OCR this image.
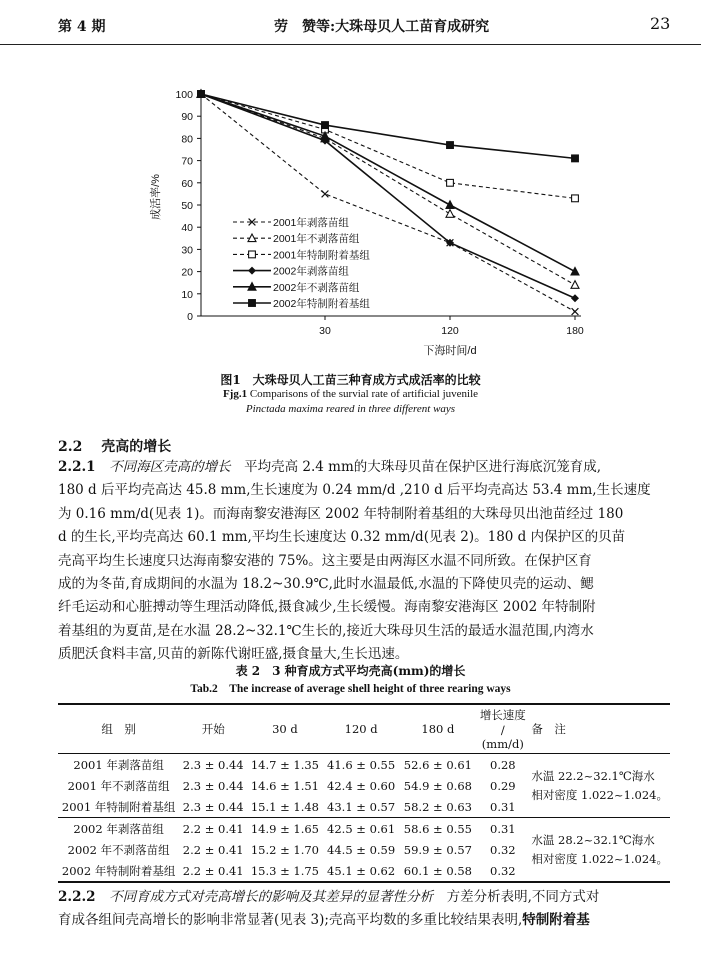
第 4 期	劳　赞等:大珠母贝人工苗育成研究	23
0
10
20
30
40
50
60
70
80
90
100
30	120	180
下海时间/d
成活率/%
2001年剥落苗组
2001年不剥落苗组
2001年特制附着基组
2002年剥落苗组
2002年不剥落苗组
2002年特制附着基组
图1　大珠母贝人工苗三种育成方式成活率的比较
Fjg.1 Comparisons of the survial rate of artificial juvenile
Pinctada maxima reared in three different ways
2.2　 壳高的增长
2.2.1　 不同海区壳高的增长　 平均壳高 2.4 mm的大珠母贝苗在保护区进行海底沉笼育成,
180 d 后平均壳高达 45.8 mm,生长速度为 0.24 mm∕d ,210 d 后平均壳高达 53.4 mm,生长速度
为 0.16 mm∕d(见表 1)。而海南黎安港海区 2002 年特制附着基组的大珠母贝出池苗经过 180
d 的生长,平均壳高达 60.1 mm,平均生长速度达 0.32 mm∕d(见表 2)。180 d 内保护区的贝苗
壳高平均生长速度只达海南黎安港的 75%。这主要是由两海区水温不同所致。在保护区育
成的为冬苗,育成期间的水温为 18.2~30.9℃,此时水温最低,水温的下降使贝壳的运动、鳃
纤毛运动和心脏搏动等生理活动降低,摄食减少,生长缓慢。海南黎安港海区 2002 年特制附
着基组的为夏苗,是在水温 28.2~32.1℃生长的,接近大珠母贝生活的最适水温范围,内湾水
质肥沃食料丰富,贝苗的新陈代谢旺盛,摄食量大,生长迅速。
表 2　3 种育成方式平均壳高(mm)的增长
Tab.2　The increase of average shell height of three rearing ways
组　别	开始	30 d	120 d	180 d	增长速度∕
(mm∕d)	备　注
2001 年剥落苗组	2.3 ± 0.44	14.7 ± 1.35	41.6 ± 0.55	52.6 ± 0.61	0.28	水温 22.2~32.1℃海水
相对密度 1.022~1.024。

2001 年不剥落苗组	2.3 ± 0.44	14.6 ± 1.51	42.4 ± 0.60	54.9 ± 0.68	0.29	
2001 年特制附着基组	2.3 ± 0.44	15.1 ± 1.48	43.1 ± 0.57	58.2 ± 0.63	0.31	
2002 年剥落苗组	2.2 ± 0.41	14.9 ± 1.65	42.5 ± 0.61	58.6 ± 0.55	0.31	水温 28.2~32.1℃海水
相对密度 1.022~1.024。

2002 年不剥落苗组	2.2 ± 0.41	15.2 ± 1.70	44.5 ± 0.59	59.9 ± 0.57	0.32	
2002 年特制附着基组	2.2 ± 0.41	15.3 ± 1.75	45.1 ± 0.62	60.1 ± 0.58	0.32	
2.2.2　 不同育成方式对壳高增长的影响及其差异的显著性分析　 方差分析表明,不同方式对
育成各组间壳高增长的影响非常显著(见表 3);壳高平均数的多重比较结果表明,特制附着基
